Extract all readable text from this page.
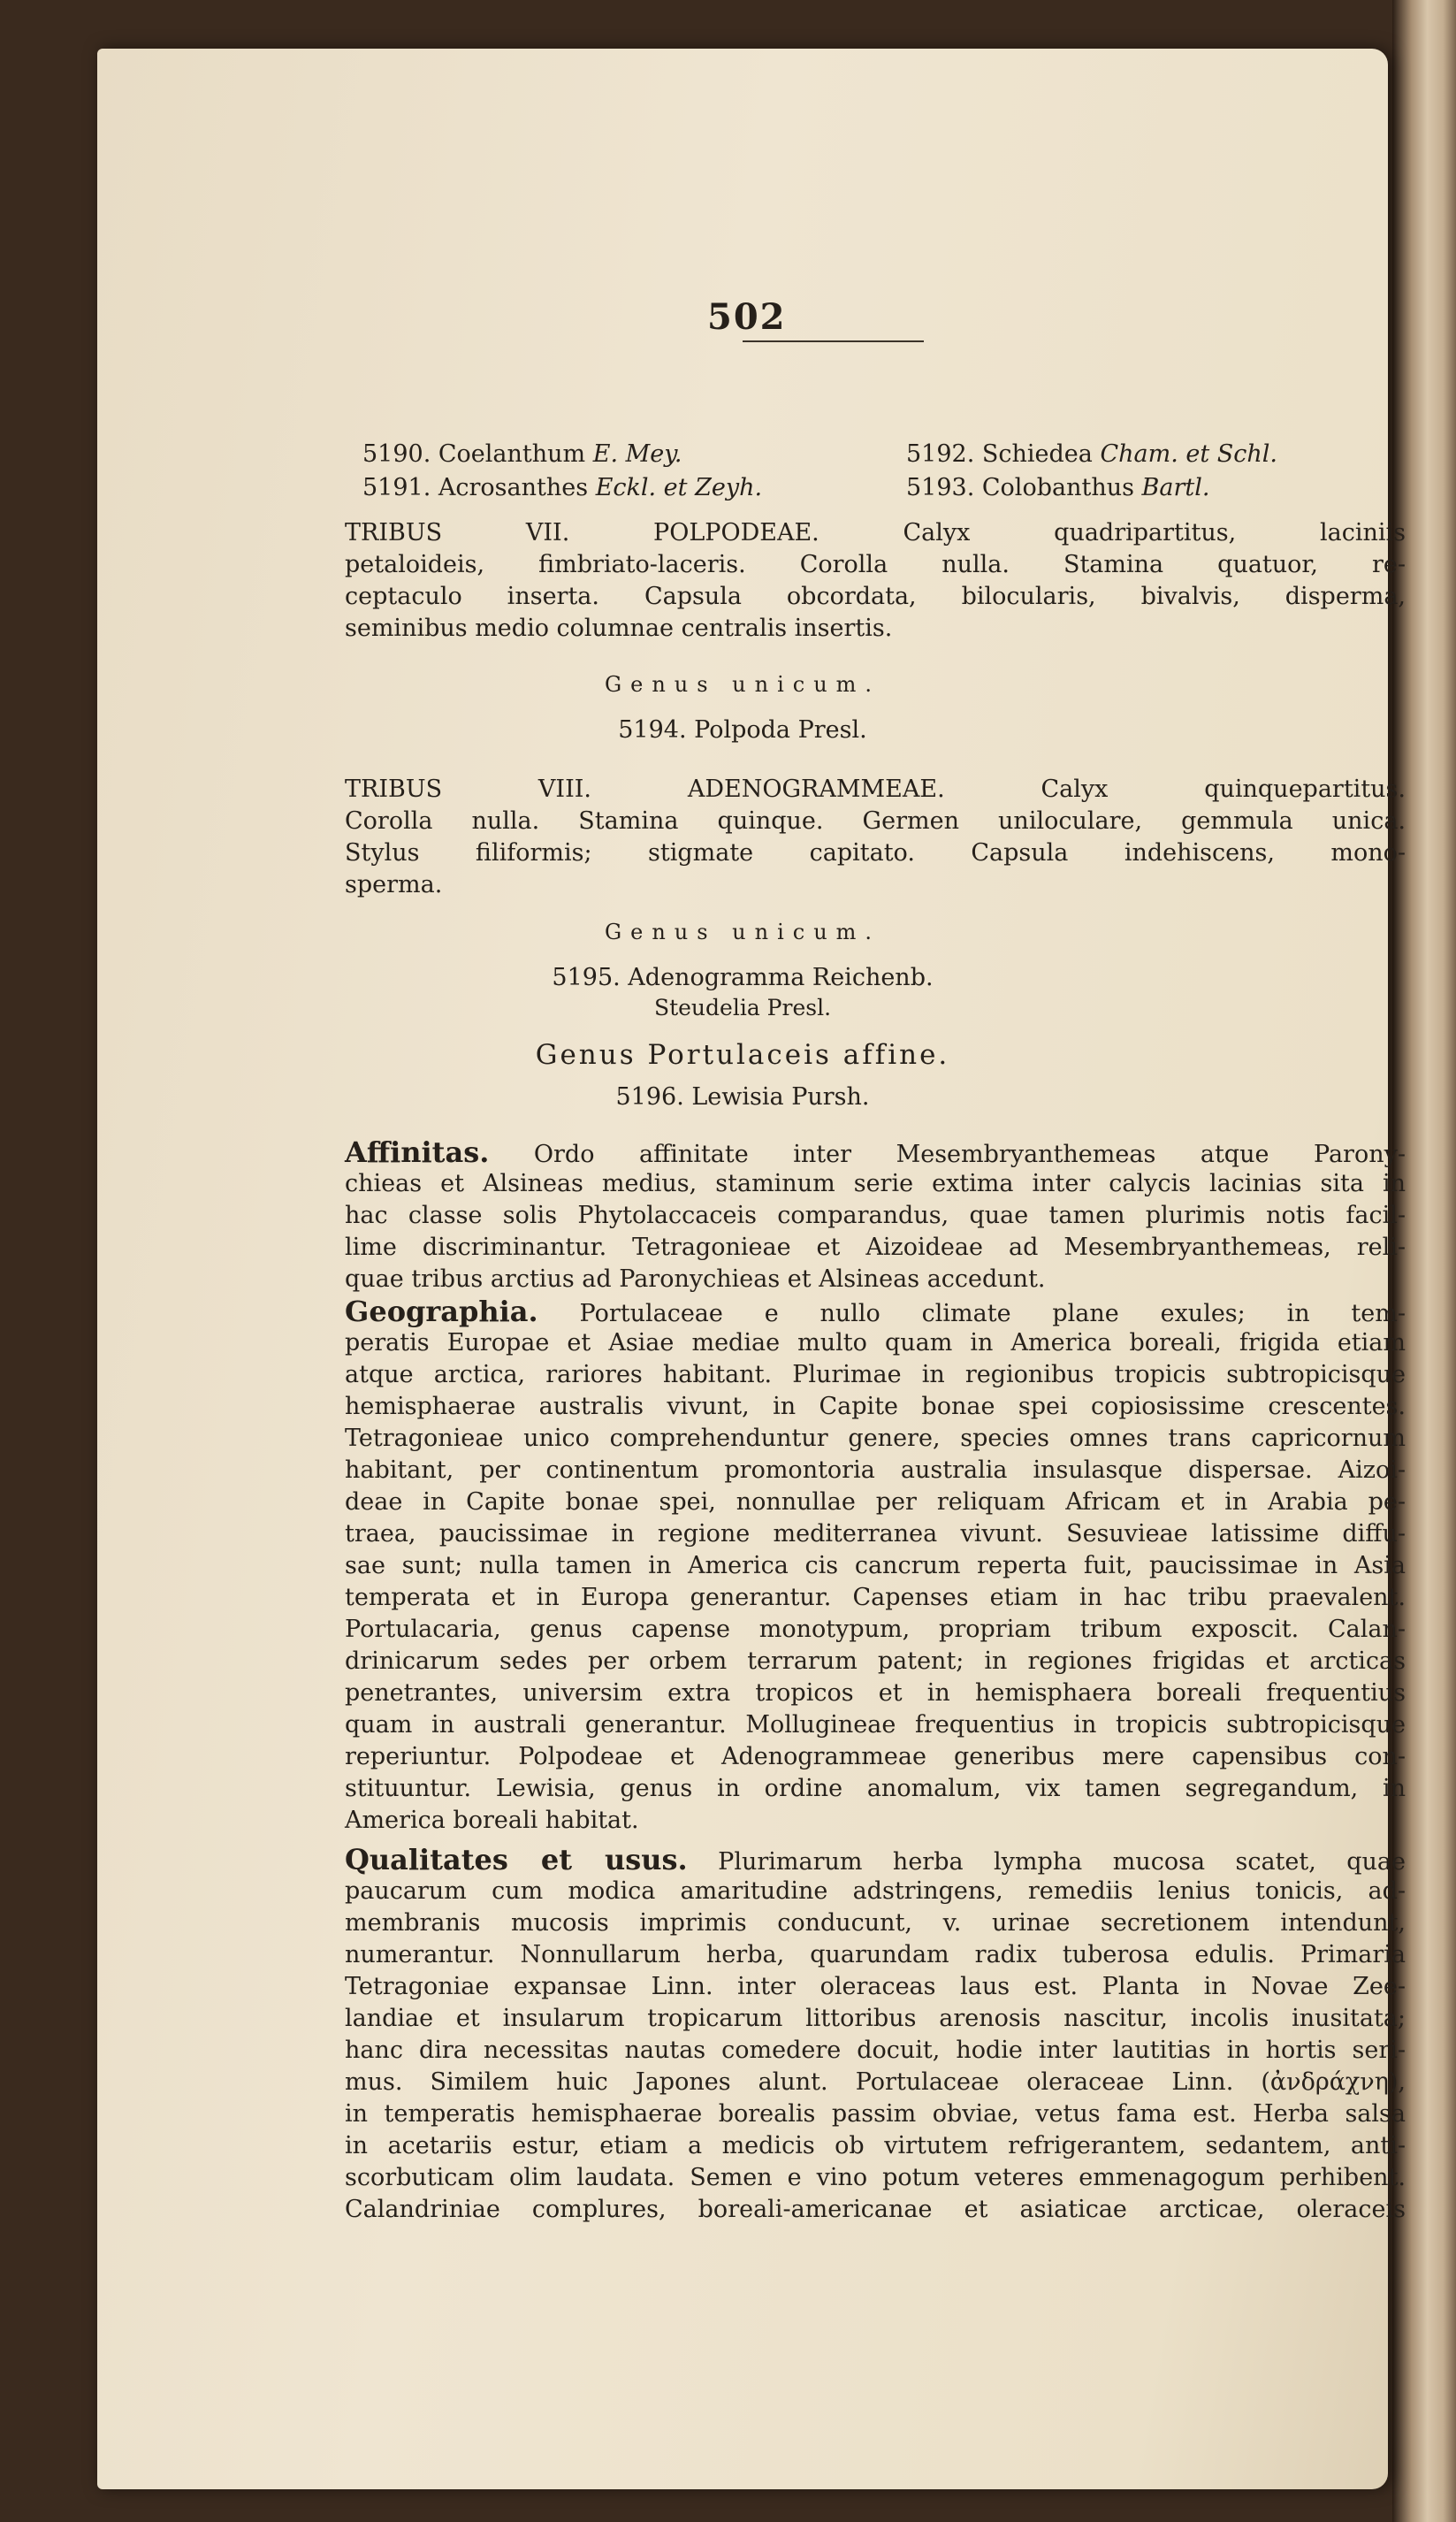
502
5190. Coelanthum E. Mey.
5191. Acrosanthes Eckl. et Zeyh.
5192. Schiedea Cham. et Schl.
5193. Colobanthus Bartl.
TRIBUS VII. POLPODEAE. Calyx quadripartitus, laciniis
petaloideis, fimbriato-laceris. Corolla nulla. Stamina quatuor, re-
ceptaculo inserta. Capsula obcordata, bilocularis, bivalvis, disperma,
seminibus medio columnae centralis insertis.
Genus unicum.
5194. Polpoda Presl.
TRIBUS VIII. ADENOGRAMMEAE. Calyx quinquepartitus.
Corolla nulla. Stamina quinque. Germen uniloculare, gemmula unica.
Stylus filiformis; stigmate capitato. Capsula indehiscens, mono-
sperma.
Genus unicum.
5195. Adenogramma Reichenb.
Steudelia Presl.
Genus Portulaceis affine.
5196. Lewisia Pursh.
Affinitas. Ordo affinitate inter Mesembryanthemeas atque Parony-
chieas et Alsineas medius, staminum serie extima inter calycis lacinias sita in
hac classe solis Phytolaccaceis comparandus, quae tamen plurimis notis facil-
lime discriminantur. Tetragonieae et Aizoideae ad Mesembryanthemeas, reli-
quae tribus arctius ad Paronychieas et Alsineas accedunt.
Geographia. Portulaceae e nullo climate plane exules; in tem-
peratis Europae et Asiae mediae multo quam in America boreali, frigida etiam
atque arctica, rariores habitant. Plurimae in regionibus tropicis subtropicisque
hemisphaerae australis vivunt, in Capite bonae spei copiosissime crescentes.
Tetragonieae unico comprehenduntur genere, species omnes trans capricornum
habitant, per continentum promontoria australia insulasque dispersae. Aizoi-
deae in Capite bonae spei, nonnullae per reliquam Africam et in Arabia pe-
traea, paucissimae in regione mediterranea vivunt. Sesuvieae latissime diffu-
sae sunt; nulla tamen in America cis cancrum reperta fuit, paucissimae in Asia
temperata et in Europa generantur. Capenses etiam in hac tribu praevalent.
Portulacaria, genus capense monotypum, propriam tribum exposcit. Calan-
drinicarum sedes per orbem terrarum patent; in regiones frigidas et arcticas
penetrantes, universim extra tropicos et in hemisphaera boreali frequentius
quam in australi generantur. Mollugineae frequentius in tropicis subtropicisque
reperiuntur. Polpodeae et Adenogrammeae generibus mere capensibus con-
stituuntur. Lewisia, genus in ordine anomalum, vix tamen segregandum, in
America boreali habitat.
Qualitates et usus. Plurimarum herba lympha mucosa scatet, quae
paucarum cum modica amaritudine adstringens, remediis lenius tonicis, ad-
membranis mucosis imprimis conducunt, v. urinae secretionem intendunt,
numerantur. Nonnullarum herba, quarundam radix tuberosa edulis. Primaria
Tetragoniae expansae Linn. inter oleraceas laus est. Planta in Novae Zee-
landiae et insularum tropicarum littoribus arenosis nascitur, incolis inusitata;
hanc dira necessitas nautas comedere docuit, hodie inter lautitias in hortis seri-
mus. Similem huic Japones alunt. Portulaceae oleraceae Linn. (ἀνδράχνη),
in temperatis hemisphaerae borealis passim obviae, vetus fama est. Herba salsa
in acetariis estur, etiam a medicis ob virtutem refrigerantem, sedantem, anti-
scorbuticam olim laudata. Semen e vino potum veteres emmenagogum perhibent.
Calandriniae complures, boreali-americanae et asiaticae arcticae, oleraceis
